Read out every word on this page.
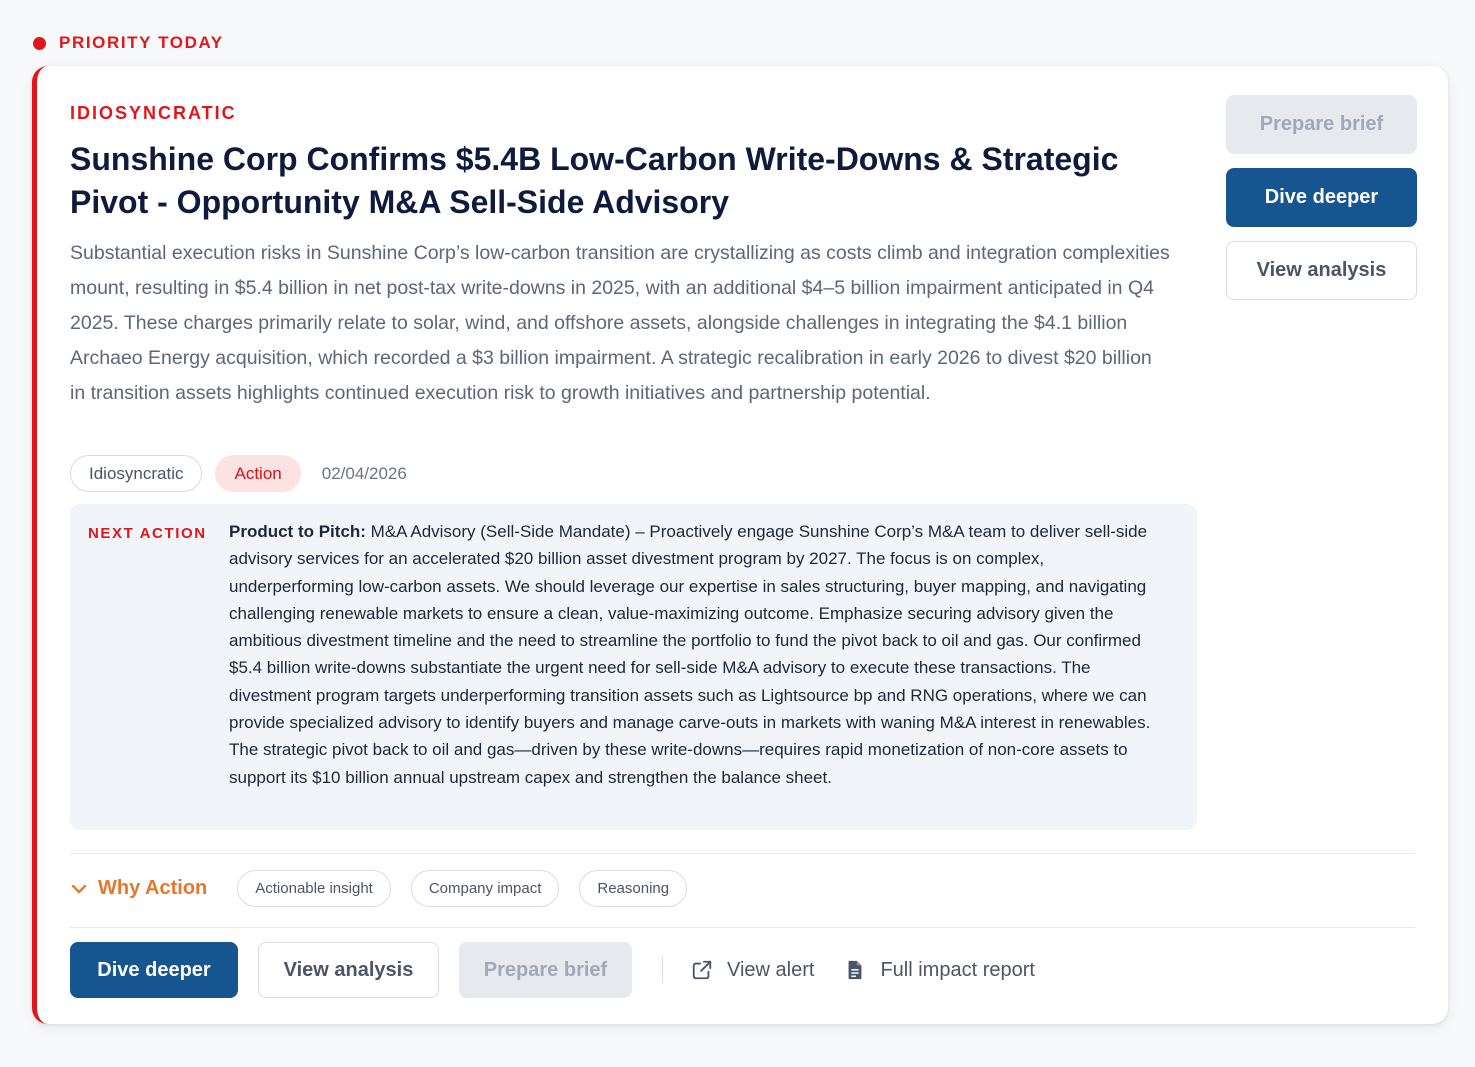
PRIORITY TODAY
IDIOSYNCRATIC
Sunshine Corp Confirms $5.4B Low-Carbon Write-Downs & Strategic Pivot - Opportunity M&A Sell-Side Advisory

Substantial execution risks in Sunshine Corp’s low-carbon transition are crystallizing as costs climb and integration complexities mount, resulting in $5.4 billion in net post-tax write-downs in 2025, with an additional $4–5 billion impairment anticipated in Q4 2025. These charges primarily relate to solar, wind, and offshore assets, alongside challenges in integrating the $4.1 billion Archaeo Energy acquisition, which recorded a $3 billion impairment. A strategic recalibration in early 2026 to divest $20 billion in transition assets highlights continued execution risk to growth initiatives and partnership potential.

Idiosyncratic	Action	02/04/2026
NEXT ACTION Product to Pitch: M&A Advisory (Sell-Side Mandate) – Proactively engage Sunshine Corp’s M&A team to deliver sell-side advisory services for an accelerated $20 billion asset divestment program by 2027. The focus is on complex, underperforming low-carbon assets. We should leverage our expertise in sales structuring, buyer mapping, and navigating challenging renewable markets to ensure a clean, value-maximizing outcome. Emphasize securing advisory given the ambitious divestment timeline and the need to streamline the portfolio to fund the pivot back to oil and gas. Our confirmed $5.4 billion write-downs substantiate the urgent need for sell-side M&A advisory to execute these transactions. The divestment program targets underperforming transition assets such as Lightsource bp and RNG operations, where we can provide specialized advisory to identify buyers and manage carve-outs in markets with waning M&A interest in renewables. The strategic pivot back to oil and gas—driven by these write-downs—requires rapid monetization of non-core assets to support its $10 billion annual upstream capex and strengthen the balance sheet.
Why Action	Actionable insight	Company impact	Reasoning
Dive deeper	View analysis	Prepare brief	View alert	Full impact report
Prepare brief
Dive deeper
View analysis
